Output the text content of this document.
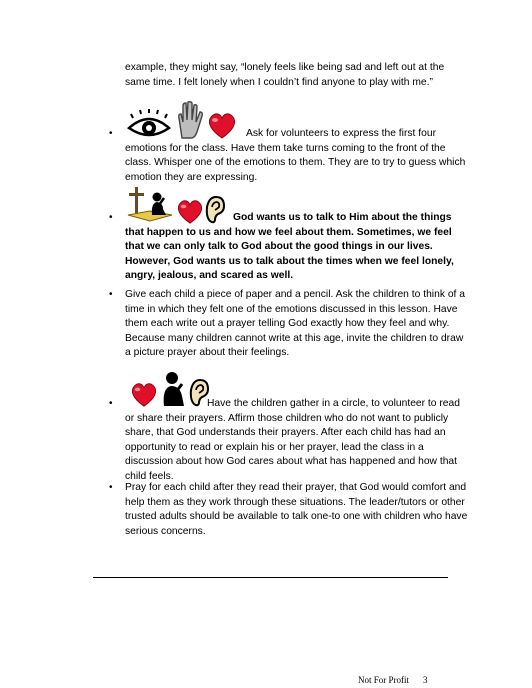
example, they might say, “lonely feels like being sad and left out at the same time. I felt lonely when I couldn’t find anyone to play with me.”

•	Ask for volunteers to express the first four emotions for the class. Have them take turns coming to the front of the class. Whisper one of the emotions to them. They are to try to guess which emotion they are expressing.

•	God wants us to talk to Him about the things that happen to us and how we feel about them. Sometimes, we feel that we can only talk to God about the good things in our lives. However, God wants us to talk about the times when we feel lonely, angry, jealous, and scared as well.

• Give each child a piece of paper and a pencil. Ask the children to think of a time in which they felt one of the emotions discussed in this lesson. Have them each write out a prayer telling God exactly how they feel and why. Because many children cannot write at this age, invite the children to draw a picture prayer about their feelings.

•	Have the children gather in a circle, to volunteer to read or share their prayers. Affirm those children who do not want to publicly share, that God understands their prayers. After each child has had an opportunity to read or explain his or her prayer, lead the class in a discussion about how God cares about what has happened and how that child feels.

• Pray for each child after they read their prayer, that God would comfort and help them as they work through these situations. The leader/tutors or other trusted adults should be available to talk one-to one with children who have serious concerns.

Not For Profit 3
